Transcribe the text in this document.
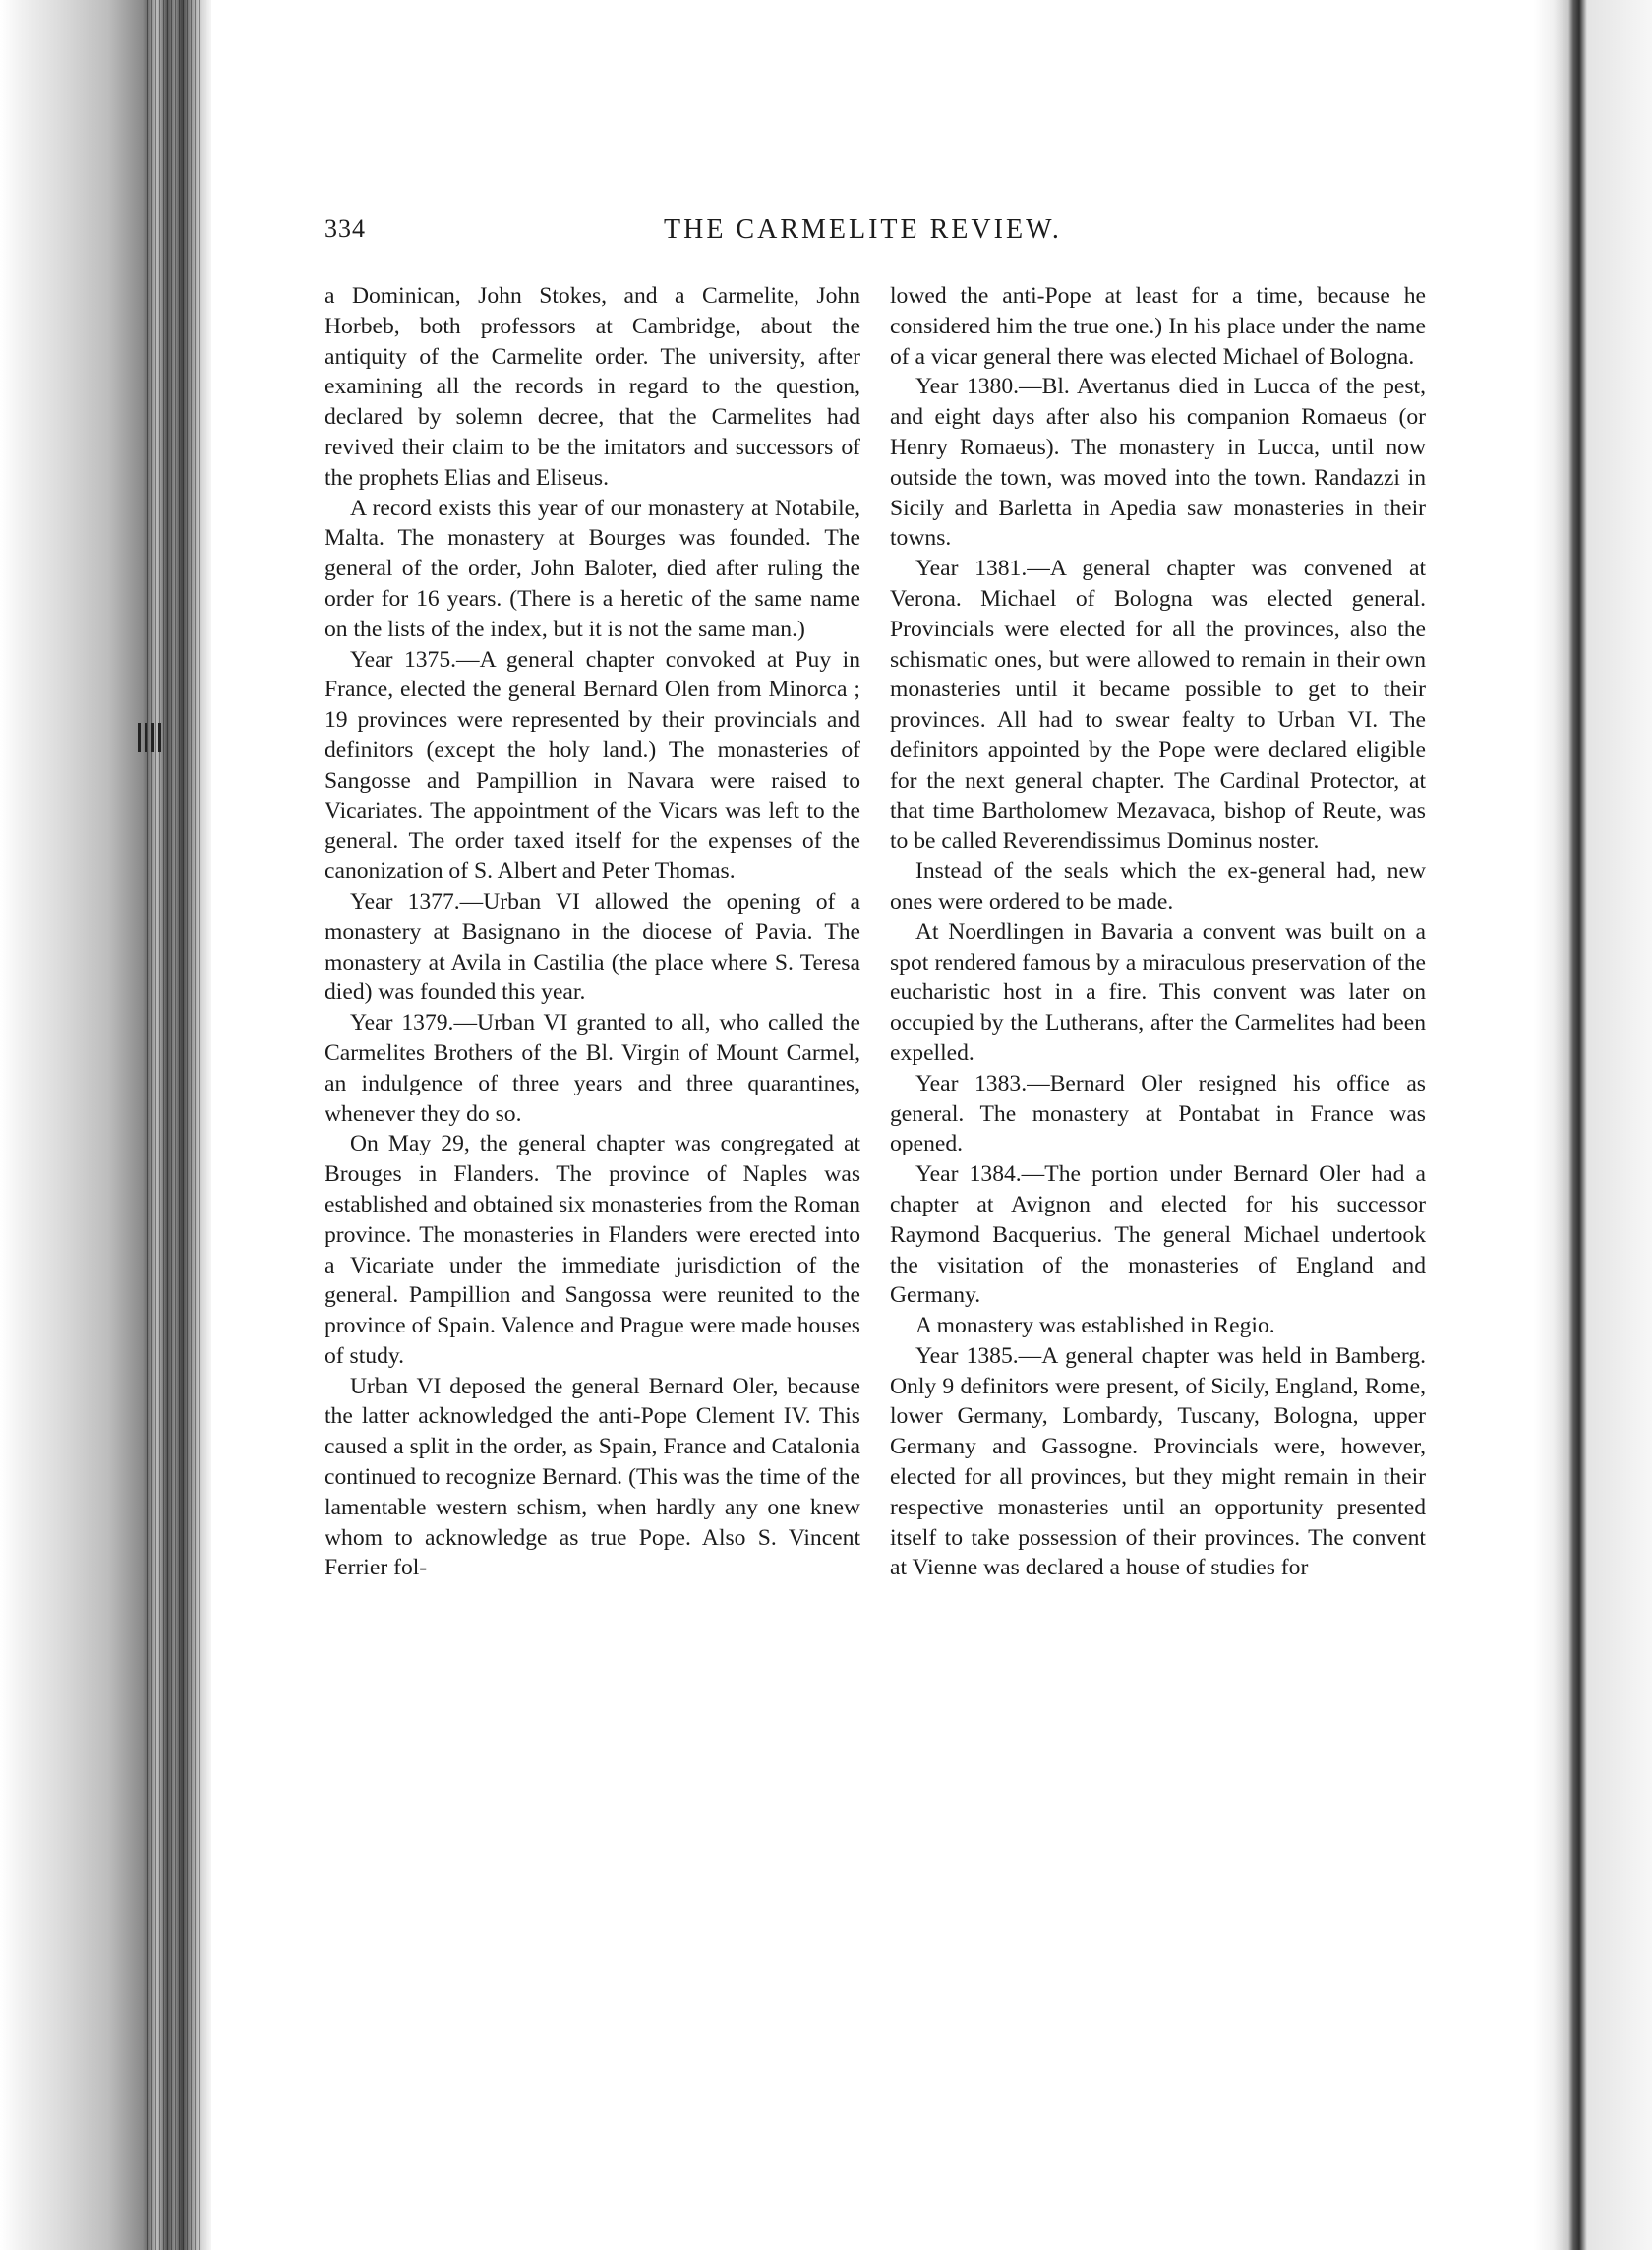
334	THE CARMELITE REVIEW.

a Dominican, John Stokes, and a Carmelite, John Horbeb, both professors at Cambridge, about the antiquity of the Carmelite order. The university, after examining all the records in regard to the question, declared by solemn decree, that the Carmelites had revived their claim to be the imitators and successors of the prophets Elias and Eliseus.

A record exists this year of our monastery at Notabile, Malta. The monastery at Bourges was founded. The general of the order, John Baloter, died after ruling the order for 16 years. (There is a heretic of the same name on the lists of the index, but it is not the same man.)

Year 1375.—A general chapter convoked at Puy in France, elected the general Bernard Olen from Minorca ; 19 provinces were represented by their provincials and definitors (except the holy land.) The monasteries of Sangosse and Pampillion in Navara were raised to Vicariates. The appointment of the Vicars was left to the general. The order taxed itself for the expenses of the canonization of S. Albert and Peter Thomas.

Year 1377.—Urban VI allowed the opening of a monastery at Basignano in the diocese of Pavia. The monastery at Avila in Castilia (the place where S. Teresa died) was founded this year.

Year 1379.—Urban VI granted to all, who called the Carmelites Brothers of the Bl. Virgin of Mount Carmel, an indulgence of three years and three quarantines, whenever they do so.

On May 29, the general chapter was congregated at Brouges in Flanders. The province of Naples was established and obtained six monasteries from the Roman province. The monasteries in Flanders were erected into a Vicariate under the immediate jurisdiction of the general. Pampillion and Sangossa were reunited to the province of Spain. Valence and Prague were made houses of study.

Urban VI deposed the general Bernard Oler, because the latter acknowledged the anti-Pope Clement IV. This caused a split in the order, as Spain, France and Catalonia continued to recognize Bernard. (This was the time of the lamentable western schism, when hardly any one knew whom to acknowledge as true Pope. Also S. Vincent Ferrier fol-

lowed the anti-Pope at least for a time, because he considered him the true one.) In his place under the name of a vicar general there was elected Michael of Bologna.

Year 1380.—Bl. Avertanus died in Lucca of the pest, and eight days after also his companion Romaeus (or Henry Romaeus). The monastery in Lucca, until now outside the town, was moved into the town. Randazzi in Sicily and Barletta in Apedia saw monasteries in their towns.

Year 1381.—A general chapter was convened at Verona. Michael of Bologna was elected general. Provincials were elected for all the provinces, also the schismatic ones, but were allowed to remain in their own monasteries until it became possible to get to their provinces. All had to swear fealty to Urban VI. The definitors appointed by the Pope were declared eligible for the next general chapter. The Cardinal Protector, at that time Bartholomew Mezavaca, bishop of Reute, was to be called Reverendissimus Dominus noster.

Instead of the seals which the ex-general had, new ones were ordered to be made.

At Noerdlingen in Bavaria a convent was built on a spot rendered famous by a miraculous preservation of the eucharistic host in a fire. This convent was later on occupied by the Lutherans, after the Carmelites had been expelled.

Year 1383.—Bernard Oler resigned his office as general. The monastery at Pontabat in France was opened.

Year 1384.—The portion under Bernard Oler had a chapter at Avignon and elected for his successor Raymond Bacquerius. The general Michael undertook the visitation of the monasteries of England and Germany.

A monastery was established in Regio.

Year 1385.—A general chapter was held in Bamberg. Only 9 definitors were present, of Sicily, England, Rome, lower Germany, Lombardy, Tuscany, Bologna, upper Germany and Gassogne. Provincials were, however, elected for all provinces, but they might remain in their respective monasteries until an opportunity presented itself to take possession of their provinces. The convent at Vienne was declared a house of studies for
